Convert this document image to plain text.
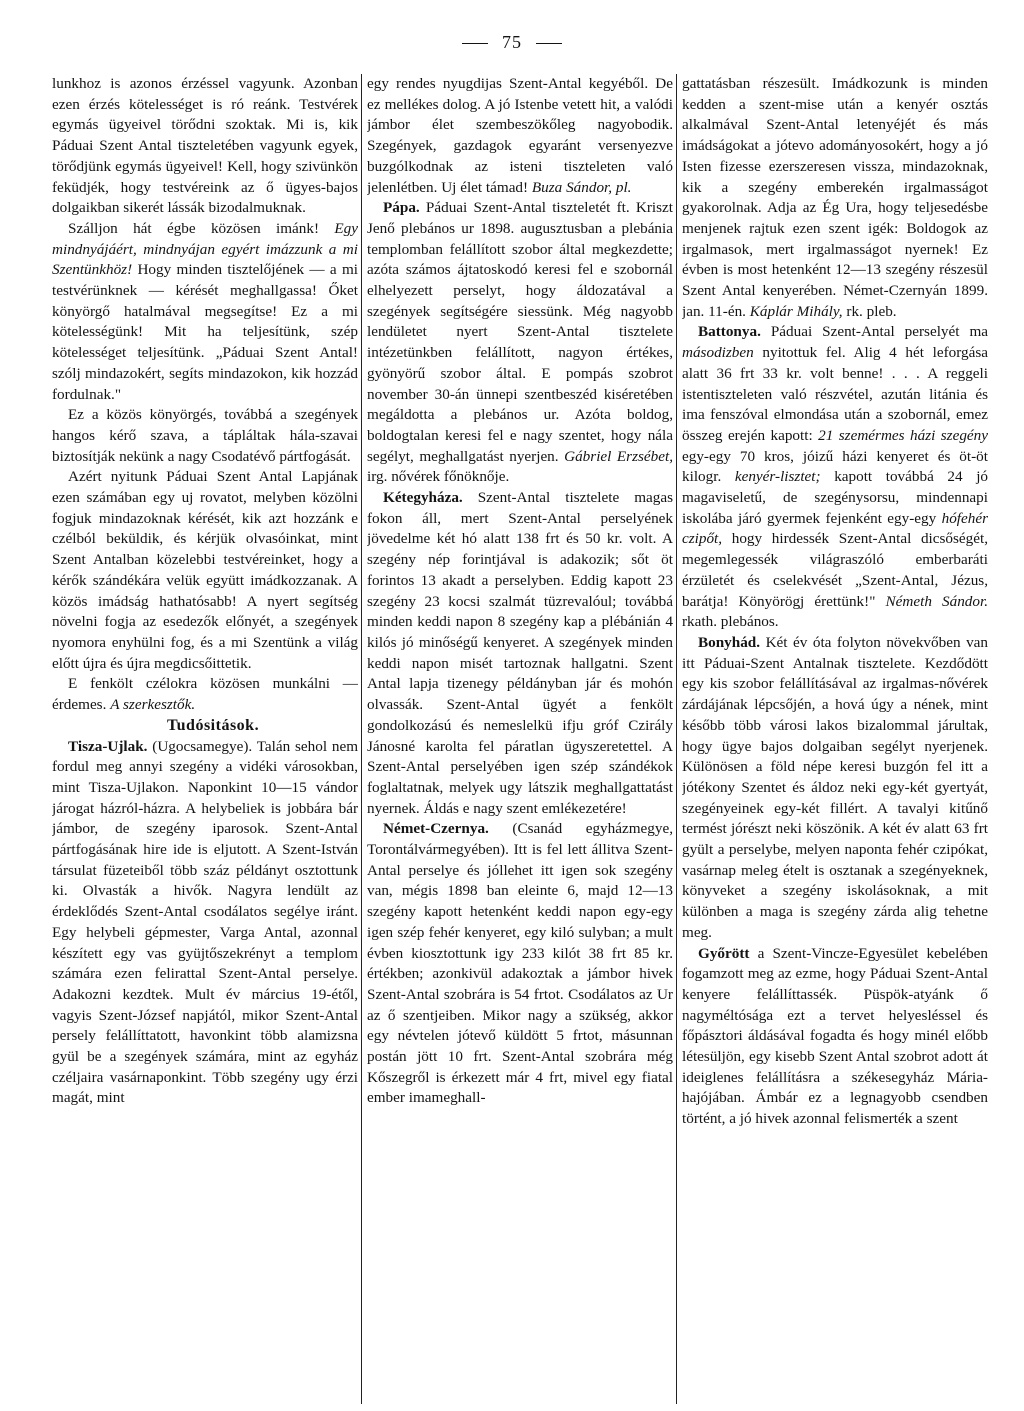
75

lunkhoz is azonos érzéssel vagyunk. Azonban ezen érzés kötelességet is ró reánk. Testvérek egymás ügyeivel törődni szoktak. Mi is, kik Páduai Szent Antal tiszteletében vagyunk egyek, törődjünk egymás ügyeivel! Kell, hogy szivünkön feküdjék, hogy testvéreink az ő ügyes-bajos dolgaikban sikerét lássák bizodalmuknak.

Szálljon hát égbe közösen imánk! Egy mindnyájáért, mindnyájan egyért imázzunk a mi Szentünkhöz! Hogy minden tisztelőjének — a mi testvérünknek — kérését meghallgassa! Őket könyörgő hatalmával megsegítse! Ez a mi kötelességünk! Mit ha teljesítünk, szép kötelességet teljesítünk. „Páduai Szent Antal! szólj mindazokért, segíts mindazokon, kik hozzád fordulnak."

Ez a közös könyörgés, továbbá a szegények hangos kérő szava, a tápláltak hála-szavai biztosítják nekünk a nagy Csodatévő pártfogását.

Azért nyitunk Páduai Szent Antal Lapjának ezen számában egy uj rovatot, melyben közölni fogjuk mindazoknak kérését, kik azt hozzánk e czélból beküldik, és kérjük olvasóinkat, mint Szent Antalban közelebbi testvéreinket, hogy a kérők szándékára velük együtt imádkozzanak. A közös imádság hathatósabb! A nyert segítség növelni fogja az esedezők előnyét, a szegények nyomora enyhülni fog, és a mi Szentünk a világ előtt újra és újra megdicsőittetik.

E fenkölt czélokra közösen munkálni — érdemes. A szerkesztők.

Tudósitások.

Tisza-Ujlak. (Ugocsamegye). Talán sehol nem fordul meg annyi szegény a vidéki városokban, mint Tisza-Ujlakon. Naponkint 10—15 vándor járogat házról-házra. A helybeliek is jobbára bár jámbor, de szegény iparosok. Szent-Antal pártfogásának hire ide is eljutott. A Szent-István társulat füzeteiből több száz példányt osztottunk ki. Olvasták a hivők. Nagyra lendült az érdeklődés Szent-Antal csodálatos segélye iránt. Egy helybeli gépmester, Varga Antal, azonnal készített egy vas gyüjtőszekrényt a templom számára ezen felirattal Szent-Antal perselye. Adakozni kezdtek. Mult év március 19-étől, vagyis Szent-József napjától, mikor Szent-Antal persely felállíttatott, havonkint több alamizsna gyül be a szegények számára, mint az egyház czéljaira vasárnaponkint. Több szegény ugy érzi magát, mint

egy rendes nyugdijas Szent-Antal kegyéből. De ez mellékes dolog. A jó Istenbe vetett hit, a valódi jámbor élet szembeszökőleg nagyobodik. Szegények, gazdagok egyaránt versenyezve buzgólkodnak az isteni tiszteleten való jelenlétben. Uj élet támad! Buza Sándor, pl.

Pápa. Páduai Szent-Antal tiszteletét ft. Kriszt Jenő plebános ur 1898. augusztusban a plebánia templomban felállított szobor által megkezdette; azóta számos ájtatoskodó keresi fel e szobornál elhelyezett perselyt, hogy áldozatával a szegények segítségére siessünk. Még nagyobb lendületet nyert Szent-Antal tisztelete intézetünkben felállított, nagyon értékes, gyönyörű szobor által. E pompás szobrot november 30-án ünnepi szentbeszéd kiséretében megáldotta a plebános ur. Azóta boldog, boldogtalan keresi fel e nagy szentet, hogy nála segélyt, meghallgatást nyerjen. Gábriel Erzsébet, irg. nővérek főnöknője.

Kétegyháza. Szent-Antal tisztelete magas fokon áll, mert Szent-Antal perselyének jövedelme két hó alatt 138 frt és 50 kr. volt. A szegény nép forintjával is adakozik; sőt öt forintos 13 akadt a perselyben. Eddig kapott 23 szegény 23 kocsi szalmát tüzrevalóul; továbbá minden keddi napon 8 szegény kap a plébánián 4 kilós jó minőségű kenyeret. A szegények minden keddi napon misét tartoznak hallgatni. Szent Antal lapja tizenegy példányban jár és mohón olvassák. Szent-Antal ügyét a fenkölt gondolkozású és nemeslelkü ifju gróf Czirály Jánosné karolta fel páratlan ügyszeretettel. A Szent-Antal perselyében igen szép szándékok foglaltatnak, melyek ugy látszik meghallgattatást nyernek. Áldás e nagy szent emlékezetére!

Német-Czernya. (Csanád egyházmegye, Torontálvármegyében). Itt is fel lett állitva Szent-Antal perselye és jóllehet itt igen sok szegény van, mégis 1898 ban eleinte 6, majd 12—13 szegény kapott hetenként keddi napon egy-egy igen szép fehér kenyeret, egy kiló sulyban; a mult évben kiosztottunk igy 233 kilót 38 frt 85 kr. értékben; azonkivül adakoztak a jámbor hivek Szent-Antal szobrára is 54 frtot. Csodálatos az Ur az ő szentjeiben. Mikor nagy a szükség, akkor egy névtelen jótevő küldött 5 frtot, másunnan postán jött 10 frt. Szent-Antal szobrára még Kőszegről is érkezett már 4 frt, mivel egy fiatal ember imameghall-

gattatásban részesült. Imádkozunk is minden kedden a szent-mise után a kenyér osztás alkalmával Szent-Antal letenyéjét és más imádságokat a jótevo adományosokért, hogy a jó Isten fizesse ezerszeresen vissza, mindazoknak, kik a szegény emberekén irgalmasságot gyakorolnak. Adja az Ég Ura, hogy teljesedésbe menjenek rajtuk ezen szent igék: Boldogok az irgalmasok, mert irgalmasságot nyernek! Ez évben is most hetenként 12—13 szegény részesül Szent Antal kenyerében. Német-Czernyán 1899. jan. 11-én. Káplár Mihály, rk. pleb.

Battonya. Páduai Szent-Antal perselyét ma másodizben nyitottuk fel. Alig 4 hét leforgása alatt 36 frt 33 kr. volt benne! . . . A reggeli istentiszteleten való részvétel, azután litánia és ima fenszóval elmondása után a szobornál, emez összeg erején kapott: 21 szemérmes házi szegény egy-egy 70 kros, jóizű házi kenyeret és öt-öt kilogr. kenyér-lisztet; kapott továbbá 24 jó magaviseletű, de szegénysorsu, mindennapi iskolába járó gyermek fejenként egy-egy hófehér czipőt, hogy hirdessék Szent-Antal dicsőségét, megemlegessék világraszóló emberbaráti érzületét és cselekvését „Szent-Antal, Jézus, barátja! Könyörögj érettünk!" Németh Sándor. rkath. plebános.

Bonyhád. Két év óta folyton növekvőben van itt Páduai-Szent Antalnak tisztelete. Kezdődött egy kis szobor felállításával az irgalmas-nővérek zárdájának lépcsőjén, a hová úgy a nének, mint később több városi lakos bizalommal járultak, hogy ügye bajos dolgaiban segélyt nyerjenek. Különösen a föld népe keresi buzgón fel itt a jótékony Szentet és áldoz neki egy-két gyertyát, szegényeinek egy-két fillért. A tavalyi kitűnő termést jórészt neki köszönik. A két év alatt 63 frt gyült a perselybe, melyen naponta fehér czipókat, vasárnap meleg ételt is osztanak a szegényeknek, könyveket a szegény iskolásoknak, a mit különben a maga is szegény zárda alig tehetne meg.

Győrött a Szent-Vincze-Egyesület kebelében fogamzott meg az ezme, hogy Páduai Szent-Antal kenyere felállíttassék. Püspök-atyánk ő nagyméltósága ezt a tervet helyesléssel és főpásztori áldásával fogadta és hogy minél előbb létesüljön, egy kisebb Szent Antal szobrot adott át ideiglenes felállításra a székesegyház Mária-hajójában. Ámbár ez a legnagyobb csendben történt, a jó hivek azonnal felismerték a szent
